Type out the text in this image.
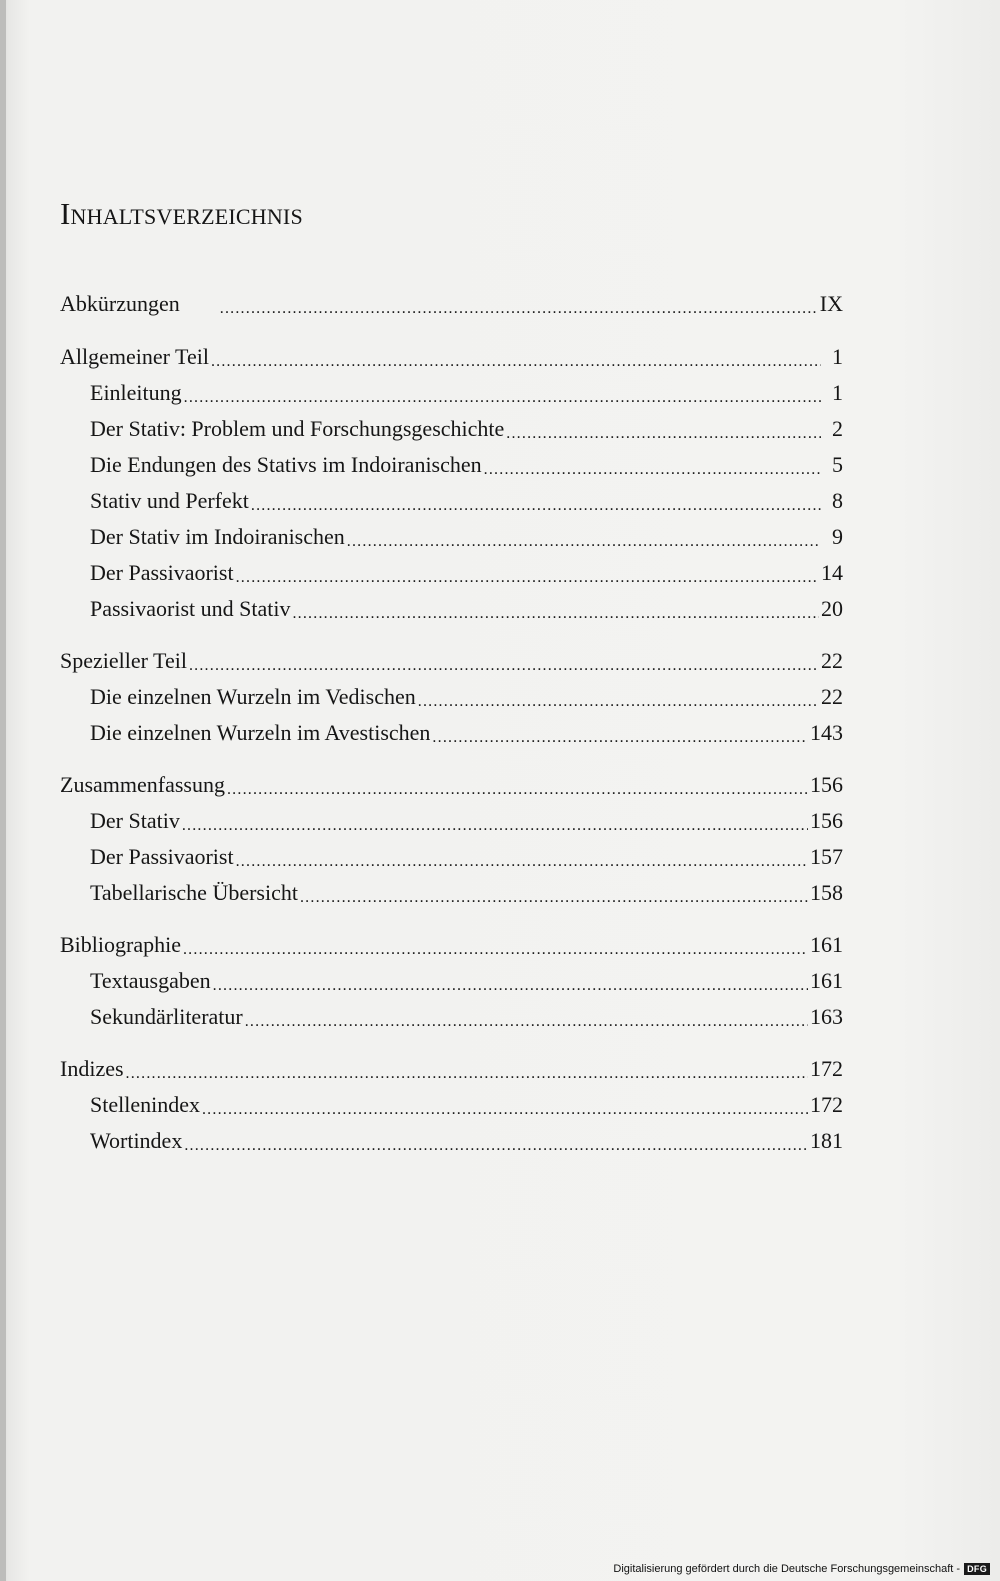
Inhaltsverzeichnis
Abkürzungen .....	IX
Allgemeiner Teil .....	1
Einleitung .....	1
Der Stativ: Problem und Forschungsgeschichte .....	2
Die Endungen des Stativs im Indoiranischen .....	5
Stativ und Perfekt .....	8
Der Stativ im Indoiranischen .....	9
Der Passivaorist .....	14
Passivaorist und Stativ .....	20
Spezieller Teil .....	22
Die einzelnen Wurzeln im Vedischen .....	22
Die einzelnen Wurzeln im Avestischen .....	143
Zusammenfassung .....	156
Der Stativ .....	156
Der Passivaorist .....	157
Tabellarische Übersicht .....	158
Bibliographie .....	161
Textausgaben .....	161
Sekundärliteratur .....	163
Indizes .....	172
Stellenindex .....	172
Wortindex .....	181
Digitalisierung gefördert durch die Deutsche Forschungsgemeinschaft - DFG
